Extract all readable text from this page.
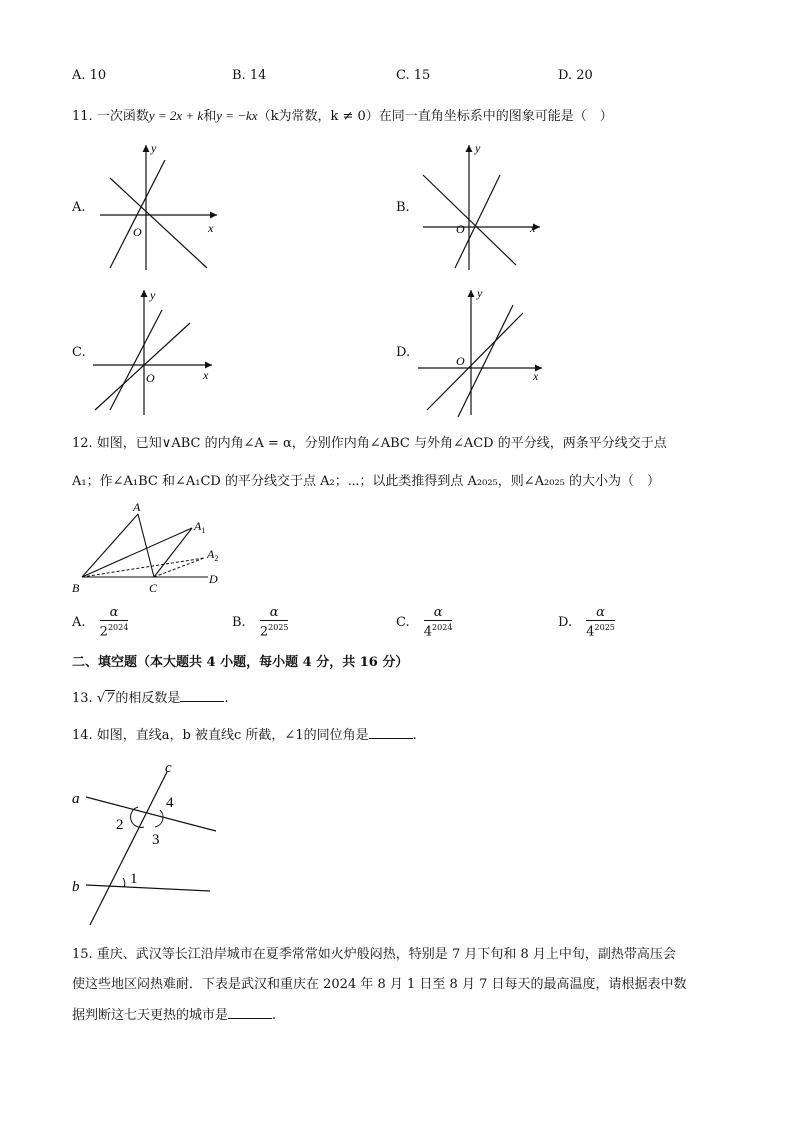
A. 10	B. 14	C. 15	D. 20
11. 一次函数y = 2x + k和y = −kx（k为常数，k ≠ 0）在同一直角坐标系中的图象可能是（　）
A.	B.
C.	D.
y
x
O
y
x
O
y
x
O
y
x
O
12. 如图，已知∨ABC 的内角∠A = α，分别作内角∠ABC 与外角∠ACD 的平分线，两条平分线交于点
A₁；作∠A₁BC 和∠A₁CD 的平分线交于点 A₂；⋯；以此类推得到点 A₂₀₂₅，则∠A₂₀₂₅ 的大小为（　）
A
$A_1$
$A_2$
B	C
D
A. $\frac{\alpha}{2^{2024}}$	B. $\frac{\alpha}{2^{2025}}$	C. $\frac{\alpha}{4^{2024}}$	D. $\frac{\alpha}{4^{2025}}$
二、填空题（本大题共 4 小题，每小题 4 分，共 16 分）
13. √7的相反数是	.
14. 如图，直线a，b 被直线c 所截，∠1的同位角是	.
a
b
c
4
2
3
1
15. 重庆、武汉等长江沿岸城市在夏季常常如火炉般闷热，特别是 7 月下旬和 8 月上中旬，副热带高压会
使这些地区闷热难耐．下表是武汉和重庆在 2024 年 8 月 1 日至 8 月 7 日每天的最高温度，请根据表中数
据判断这七天更热的城市是	.
